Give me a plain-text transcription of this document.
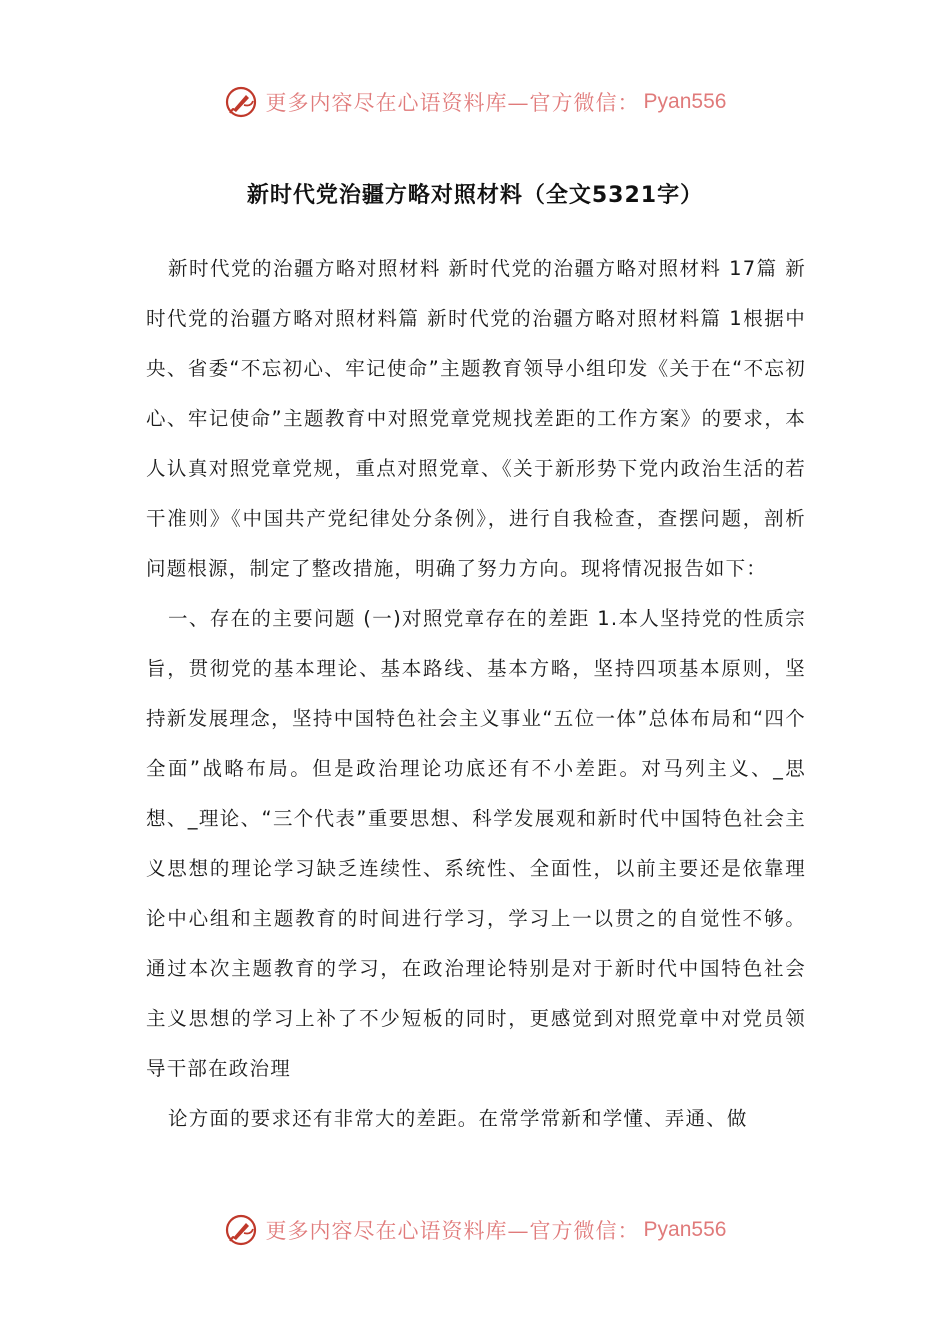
更多内容尽在心语资料库—官方微信： Pyan556
新时代党治疆方略对照材料（全文5321字）

新时代党的治疆方略对照材料 新时代党的治疆方略对照材料 17篇 新时代党的治疆方略对照材料篇 新时代党的治疆方略对照材料篇 1根据中央、省委“不忘初心、牢记使命”主题教育领导小组印发《关于在“不忘初心、牢记使命”主题教育中对照党章党规找差距的工作方案》的要求，本人认真对照党章党规，重点对照党章、《关于新形势下党内政治生活的若干准则》《中国共产党纪律处分条例》，进行自我检查，查摆问题，剖析问题根源，制定了整改措施，明确了努力方向。现将情况报告如下：

一、存在的主要问题 (一)对照党章存在的差距 1.本人坚持党的性质宗旨，贯彻党的基本理论、基本路线、基本方略，坚持四项基本原则，坚持新发展理念，坚持中国特色社会主义事业“五位一体”总体布局和“四个全面”战略布局。但是政治理论功底还有不小差距。对马列主义、_思想、_理论、“三个代表”重要思想、科学发展观和新时代中国特色社会主义思想的理论学习缺乏连续性、系统性、全面性，以前主要还是依靠理论中心组和主题教育的时间进行学习，学习上一以贯之的自觉性不够。通过本次主题教育的学习，在政治理论特别是对于新时代中国特色社会主义思想的学习上补了不少短板的同时，更感觉到对照党章中对党员领导干部在政治理

论方面的要求还有非常大的差距。在常学常新和学懂、弄通、做

更多内容尽在心语资料库—官方微信： Pyan556
